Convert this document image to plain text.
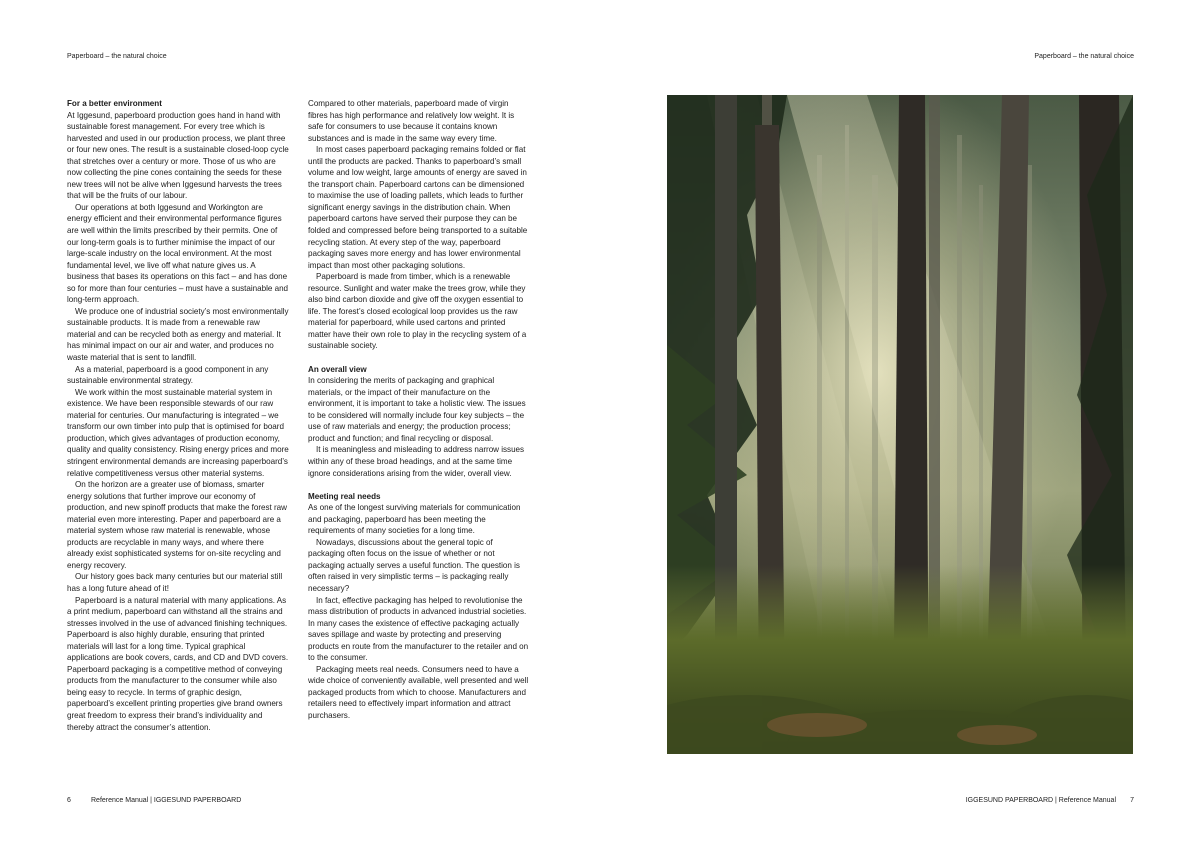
Paperboard – the natural choice	Paperboard – the natural choice
For a better environment

At Iggesund, paperboard production goes hand in hand with sustainable forest management. For every tree which is harvested and used in our production process, we plant three or four new ones. The result is a sustainable closed-loop cycle that stretches over a century or more. Those of us who are now collecting the pine cones containing the seeds for these new trees will not be alive when Iggesund harvests the trees that will be the fruits of our labour.

Our operations at both Iggesund and Workington are energy efficient and their environmental performance figures are well within the limits prescribed by their permits. One of our long-term goals is to further minimise the impact of our large-scale industry on the local environment. At the most fundamental level, we live off what nature gives us. A business that bases its operations on this fact – and has done so for more than four centuries – must have a sustainable and long-term approach.

We produce one of industrial society’s most environmentally sustainable products. It is made from a renewable raw material and can be recycled both as energy and material. It has minimal impact on our air and water, and produces no waste material that is sent to landfill.

As a material, paperboard is a good component in any sustainable environmental strategy.

We work within the most sustainable material system in existence. We have been responsible stewards of our raw material for centuries. Our manufacturing is integrated – we transform our own timber into pulp that is optimised for board production, which gives advantages of production economy, quality and quality consistency. Rising energy prices and more stringent environmental demands are increasing paperboard’s relative competitiveness versus other material systems.

On the horizon are a greater use of biomass, smarter energy solutions that further improve our economy of production, and new spinoff products that make the forest raw material even more interesting. Paper and paperboard are a material system whose raw material is renewable, whose products are recyclable in many ways, and where there already exist sophisticated systems for on-site recycling and energy recovery.

Our history goes back many centuries but our material still has a long future ahead of it!

Paperboard is a natural material with many applications. As a print medium, paperboard can withstand all the strains and stresses involved in the use of advanced finishing techniques. Paperboard is also highly durable, ensuring that printed materials will last for a long time. Typical graphical applications are book covers, cards, and CD and DVD covers. Paperboard packaging is a competitive method of conveying products from the manufacturer to the consumer while also being easy to recycle. In terms of graphic design, paperboard’s excellent printing properties give brand owners great freedom to express their brand’s individuality and thereby attract the consumer’s attention.

Compared to other materials, paperboard made of virgin fibres has high performance and relatively low weight. It is safe for consumers to use because it contains known substances and is made in the same way every time.

In most cases paperboard packaging remains folded or flat until the products are packed. Thanks to paperboard’s small volume and low weight, large amounts of energy are saved in the transport chain. Paperboard cartons can be dimensioned to maximise the use of loading pallets, which leads to further significant energy savings in the distribution chain. When paperboard cartons have served their purpose they can be folded and compressed before being transported to a suitable recycling station. At every step of the way, paperboard packaging saves more energy and has lower environmental impact than most other packaging solutions.

Paperboard is made from timber, which is a renewable resource. Sunlight and water make the trees grow, while they also bind carbon dioxide and give off the oxygen essential to life. The forest’s closed ecological loop provides us the raw material for paperboard, while used cartons and printed matter have their own role to play in the recycling system of a sustainable society.

An overall view

In considering the merits of packaging and graphical materials, or the impact of their manufacture on the environment, it is important to take a holistic view. The issues to be considered will normally include four key subjects – the use of raw materials and energy; the production process; product and function; and final recycling or disposal.

It is meaningless and misleading to address narrow issues within any of these broad headings, and at the same time ignore considerations arising from the wider, overall view.

Meeting real needs

As one of the longest surviving materials for communication and packaging, paperboard has been meeting the requirements of many societies for a long time.

Nowadays, discussions about the general topic of packaging often focus on the issue of whether or not packaging actually serves a useful function. The question is often raised in very simplistic terms – is packaging really necessary?

In fact, effective packaging has helped to revolutionise the mass distribution of products in advanced industrial societies. In many cases the existence of effective packaging actually saves spillage and waste by protecting and preserving products en route from the manufacturer to the retailer and on to the consumer.

Packaging meets real needs. Consumers need to have a wide choice of conveniently available, well presented and well packaged products from which to choose. Manufacturers and retailers need to effectively impart information and attract purchasers.

6	Reference Manual | IGGESUND PAPERBOARD	IGGESUND PAPERBOARD | Reference Manual 7
